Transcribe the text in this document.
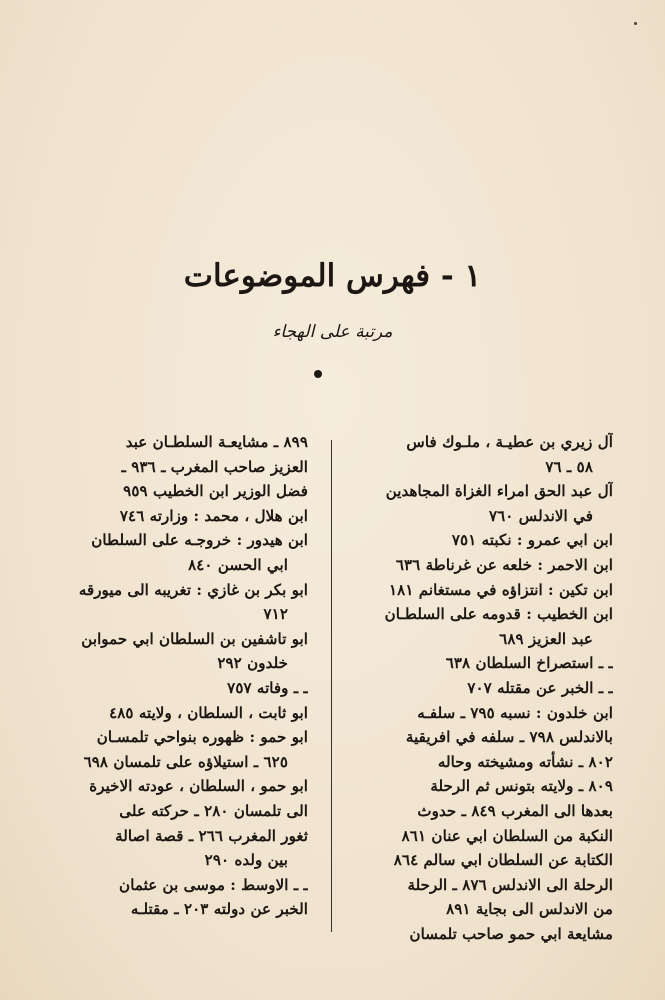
١ - فهرس الموضوعات
مرتبة على الهجاء
آل زيري بن عطيـة ، ملـوك فاس
٥٨ ـ ٧٦
آل عبد الحق امراء الغزاة المجاهدين
في الاندلس ٧٦٠
ابن ابي عمرو : نكبته ٧٥١
ابن الاحمر : خلعه عن غرناطة ٦٣٦
ابن تكين : انتزاؤه في مستغانم ١٨١
ابن الخطيب : قدومه على السلطـان
عبد العزيز ٦٨٩
ـ ـ استصراخ السلطان ٦٣٨
ـ ـ الخبر عن مقتله ٧٠٧
ابن خلدون : نسبه ٧٩٥ ـ سلفـه
بالاندلس ٧٩٨ ـ سلفه في افريقية
٨٠٢ ـ نشأته ومشيخته وحاله
٨٠٩ ـ ولايته بتونس ثم الرحلة
بعدها الى المغرب ٨٤٩ ـ حدوث
النكبة من السلطان ابي عنان ٨٦١
الكتابة عن السلطان ابي سالم ٨٦٤
الرحلة الى الاندلس ٨٧٦ ـ الرحلة
من الاندلس الى بجاية ٨٩١
مشايعة ابي حمو صاحب تلمسان
٨٩٩ ـ مشايعـة السلطـان عبد
العزيز صاحب المغرب ـ ٩٣٦ ـ
فضل الوزير ابن الخطيب ٩٥٩
ابن هلال ، محمد : وزارته ٧٤٦
ابن هيدور : خروجـه على السلطان
ابي الحسن ٨٤٠
ابو بكر بن غازي : تغريبه الى ميورقه
٧١٢
ابو تاشفين بن السلطان ابي حموابن
خلدون ٢٩٢
ـ ـ وفاته ٧٥٧
ابو ثابت ، السلطان ، ولايته ٤٨٥
ابو حمو : ظهوره بنواحي تلمسـان
٦٢٥ ـ استيلاؤه على تلمسان ٦٩٨
ابو حمو ، السلطان ، عودته الاخيرة
الى تلمسان ٢٨٠ ـ حركته على
ثغور المغرب ٢٦٦ ـ قصة اصالة
بين ولده ٢٩٠
ـ ـ الاوسط : موسى بن عثمان
الخبر عن دولته ٢٠٣ ـ مقتلـه
